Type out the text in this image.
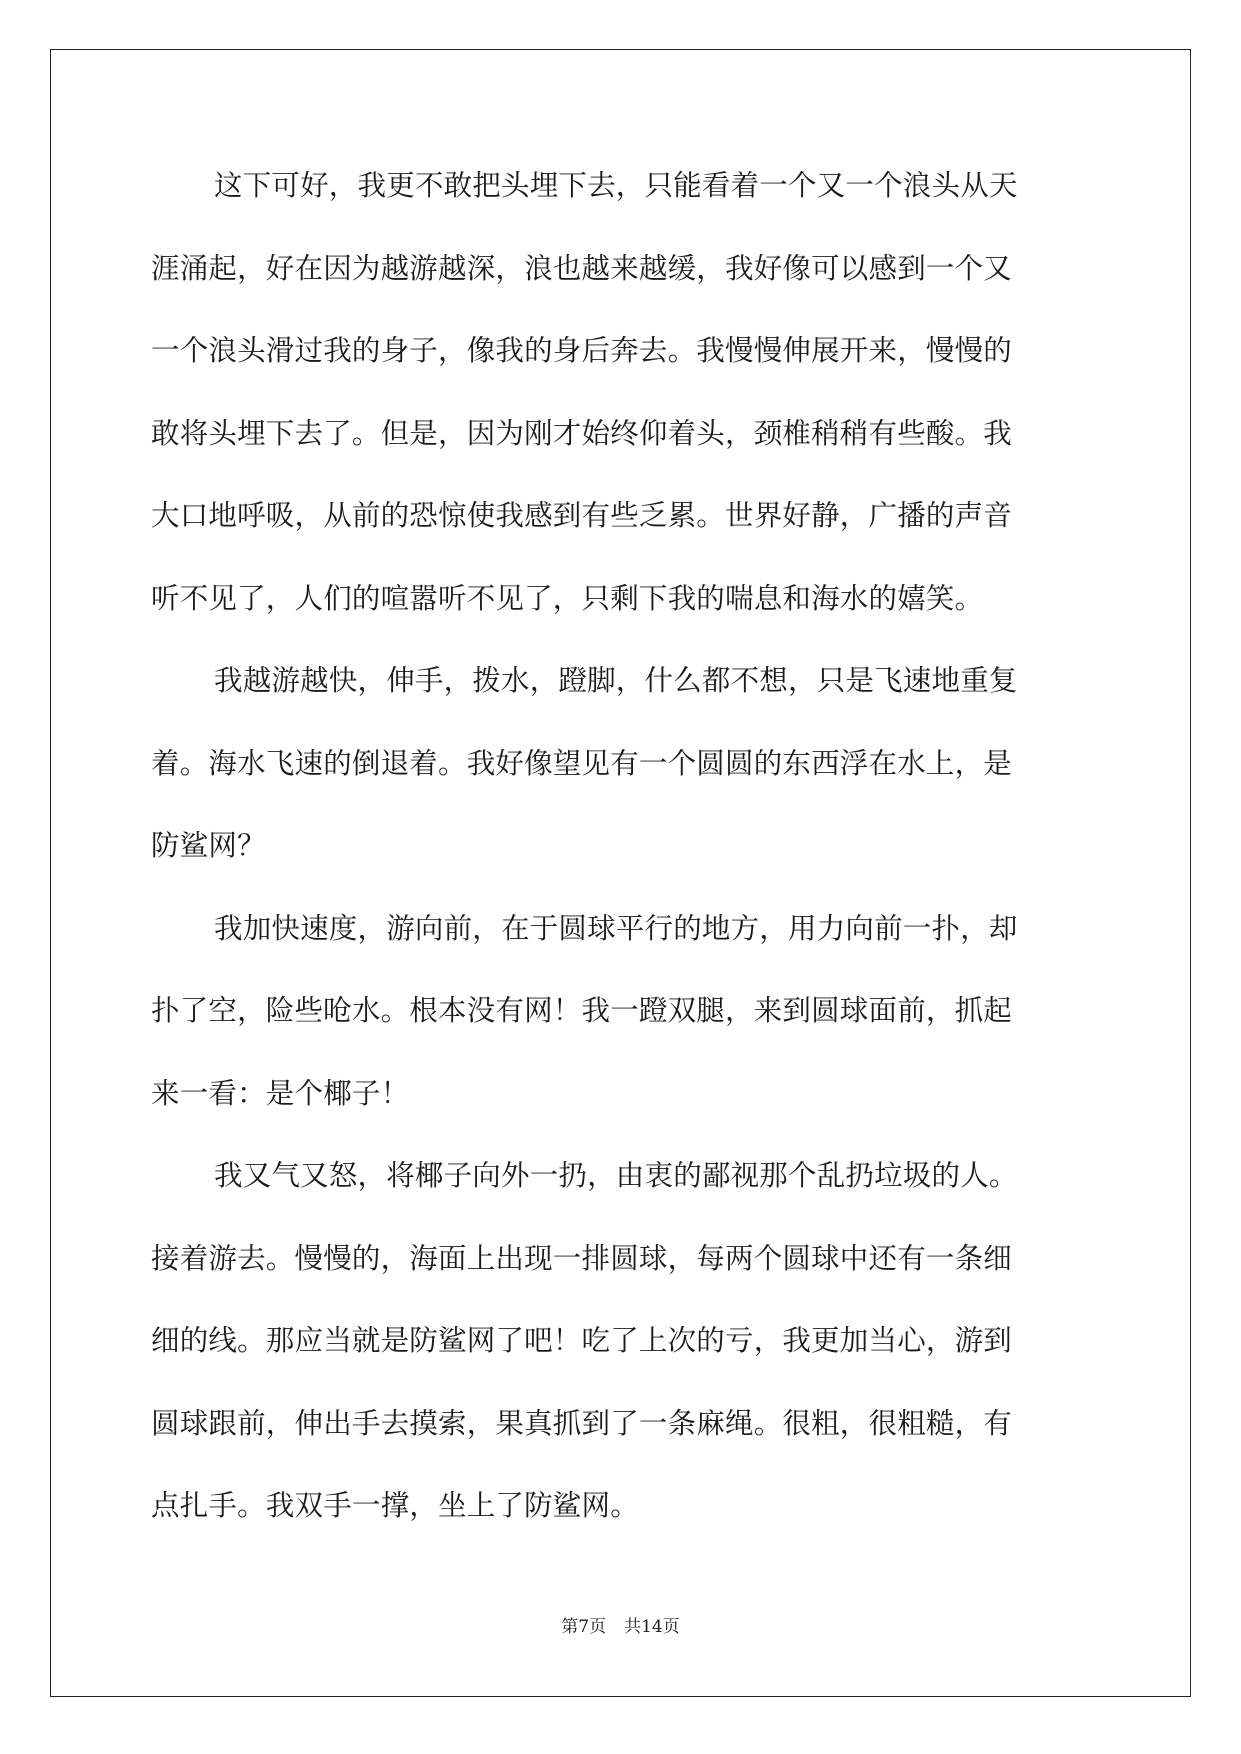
这下可好，我更不敢把头埋下去，只能看着一个又一个浪头从天
涯涌起，好在因为越游越深，浪也越来越缓，我好像可以感到一个又
一个浪头滑过我的身子，像我的身后奔去。我慢慢伸展开来，慢慢的
敢将头埋下去了。但是，因为刚才始终仰着头，颈椎稍稍有些酸。我
大口地呼吸，从前的恐惊使我感到有些乏累。世界好静，广播的声音
听不见了，人们的喧嚣听不见了，只剩下我的喘息和海水的嬉笑。
我越游越快，伸手，拨水，蹬脚，什么都不想，只是飞速地重复
着。海水飞速的倒退着。我好像望见有一个圆圆的东西浮在水上，是
防鲨网？
我加快速度，游向前，在于圆球平行的地方，用力向前一扑，却
扑了空，险些呛水。根本没有网！我一蹬双腿，来到圆球面前，抓起
来一看：是个椰子！
我又气又怒，将椰子向外一扔，由衷的鄙视那个乱扔垃圾的人。
接着游去。慢慢的，海面上出现一排圆球，每两个圆球中还有一条细
细的线。那应当就是防鲨网了吧！吃了上次的亏，我更加当心，游到
圆球跟前，伸出手去摸索，果真抓到了一条麻绳。很粗，很粗糙，有
点扎手。我双手一撑，坐上了防鲨网。
第7页 共14页
